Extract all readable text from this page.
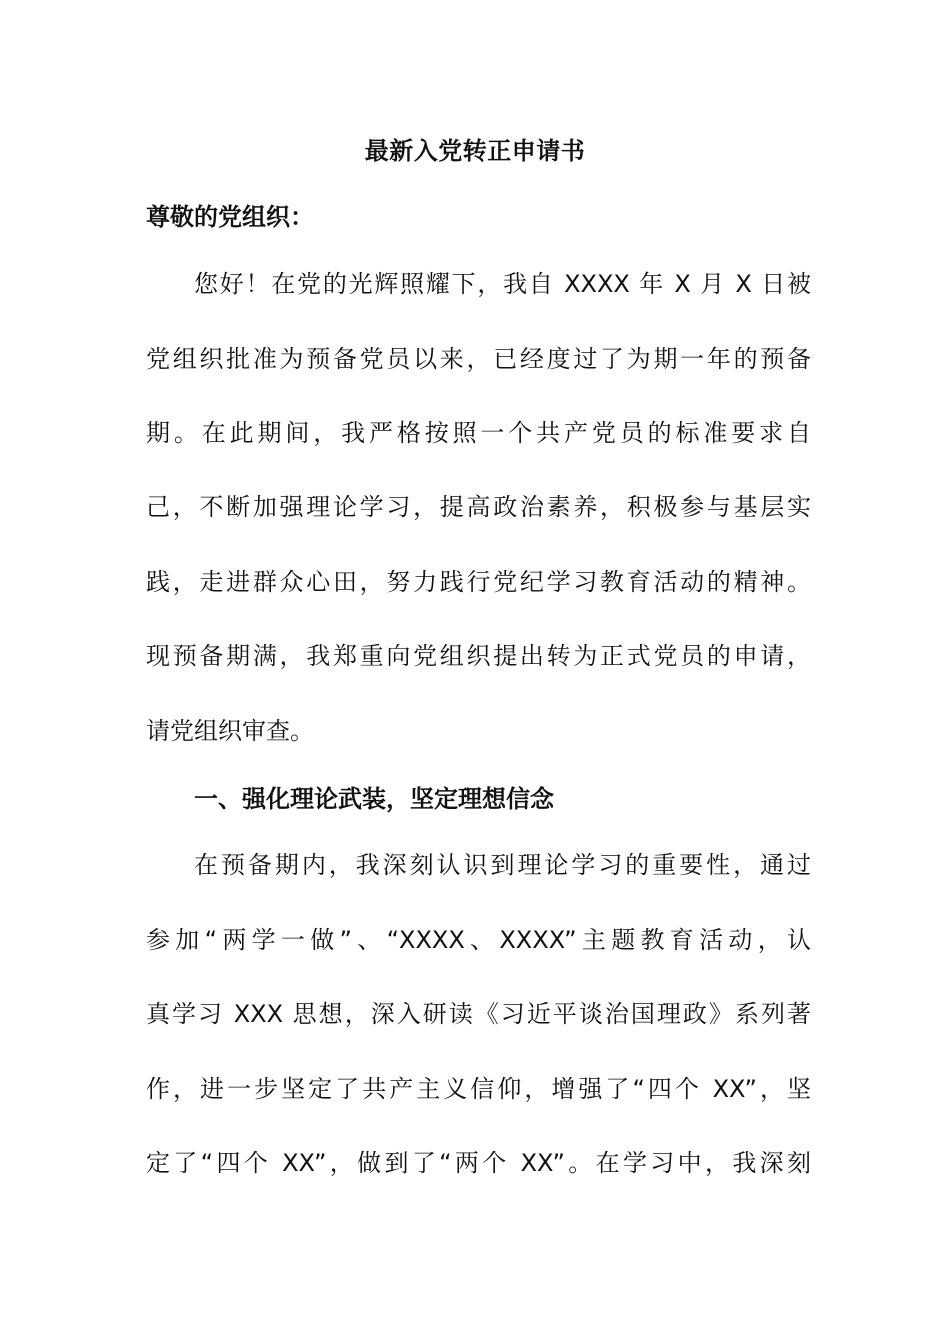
最新入党转正申请书
尊敬的党组织：
您好！在党的光辉照耀下，我自 XXXX 年 X 月 X 日被
党组织批准为预备党员以来，已经度过了为期一年的预备
期。在此期间，我严格按照一个共产党员的标准要求自
己，不断加强理论学习，提高政治素养，积极参与基层实
践，走进群众心田，努力践行党纪学习教育活动的精神。
现预备期满，我郑重向党组织提出转为正式党员的申请，
请党组织审查。
一、强化理论武装，坚定理想信念
在预备期内，我深刻认识到理论学习的重要性，通过
参加“两学一做”、“XXXX、XXXX”主题教育活动，认
真学习 XXX 思想，深入研读《习近平谈治国理政》系列著
作，进一步坚定了共产主义信仰，增强了“四个 XX”，坚
定了“四个 XX”，做到了“两个 XX”。在学习中，我深刻
